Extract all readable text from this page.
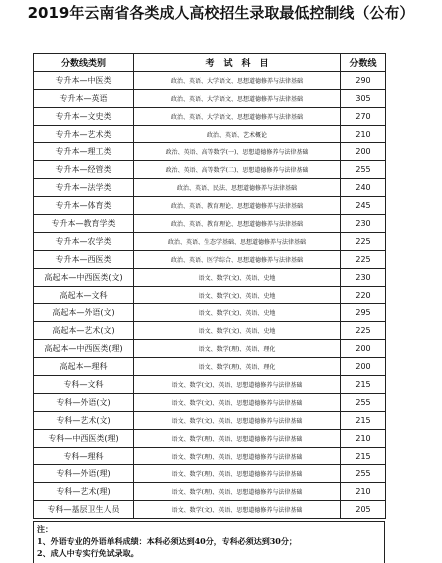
2019年云南省各类成人高校招生录取最低控制线（公布）
分数线类别	考　试　科　目	分数线
专升本—中医类	政治、英语、大学语文、思想道德修养与法律基础	290
专升本—英语	政治、英语、大学语文、思想道德修养与法律基础	305
专升本—文史类	政治、英语、大学语文、思想道德修养与法律基础	270
专升本—艺术类	政治、英语、艺术概论	210
专升本—理工类	政治、英语、高等数学(一)、思想道德修养与法律基础	200
专升本—经管类	政治、英语、高等数学(二)、思想道德修养与法律基础	255
专升本—法学类	政治、英语、民法、思想道德修养与法律基础	240
专升本—体育类	政治、英语、教育理论、思想道德修养与法律基础	245
专升本—教育学类	政治、英语、教育理论、思想道德修养与法律基础	230
专升本—农学类	政治、英语、生态学基础、思想道德修养与法律基础	225
专升本—西医类	政治、英语、医学综合、思想道德修养与法律基础	225
高起本—中西医类(文)	语文、数学(文)、英语、史地	230
高起本—文科	语文、数学(文)、英语、史地	220
高起本—外语(文)	语文、数学(文)、英语、史地	295
高起本—艺术(文)	语文、数学(文)、英语、史地	225
高起本—中西医类(理)	语文、数学(理)、英语、理化	200
高起本—理科	语文、数学(理)、英语、理化	200
专科—文科	语文、数学(文)、英语、思想道德修养与法律基础	215
专科—外语(文)	语文、数学(文)、英语、思想道德修养与法律基础	255
专科—艺术(文)	语文、数学(文)、英语、思想道德修养与法律基础	215
专科—中西医类(理)	语文、数学(理)、英语、思想道德修养与法律基础	210
专科—理科	语文、数学(理)、英语、思想道德修养与法律基础	215
专科—外语(理)	语文、数学(理)、英语、思想道德修养与法律基础	255
专科—艺术(理)	语文、数学(理)、英语、思想道德修养与法律基础	210
专科—基层卫生人员	语文、数学(文)、英语、思想道德修养与法律基础	205
注：
1、外语专业的外语单科成绩：本科必须达到40分，专科必须达到30分；
2、成人中专实行免试录取。
